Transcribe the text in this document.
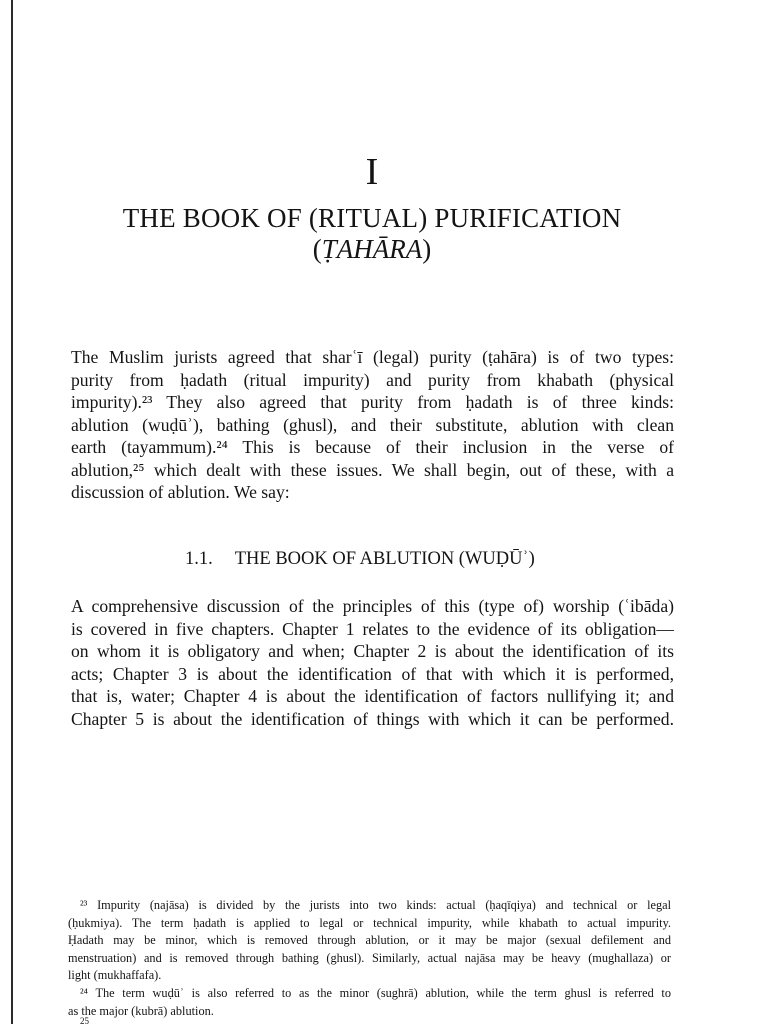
I
THE BOOK OF (RITUAL) PURIFICATION
(ṬAHĀRA)
The Muslim jurists agreed that sharʿī (legal) purity (ṭahāra) is of two types:
purity from ḥadath (ritual impurity) and purity from khabath (physical
impurity).²³ They also agreed that purity from ḥadath is of three kinds:
ablution (wuḍūʾ), bathing (ghusl), and their substitute, ablution with clean
earth (tayammum).²⁴ This is because of their inclusion in the verse of
ablution,²⁵ which dealt with these issues. We shall begin, out of these, with a
discussion of ablution. We say:
1.1. THE BOOK OF ABLUTION (WUḌŪʾ)
A comprehensive discussion of the principles of this (type of) worship (ʿibāda)
is covered in five chapters. Chapter 1 relates to the evidence of its obligation—
on whom it is obligatory and when; Chapter 2 is about the identification of its
acts; Chapter 3 is about the identification of that with which it is performed,
that is, water; Chapter 4 is about the identification of factors nullifying it; and
Chapter 5 is about the identification of things with which it can be performed.
²³ Impurity (najāsa) is divided by the jurists into two kinds: actual (ḥaqīqiya) and technical or legal
(ḥukmiya). The term ḥadath is applied to legal or technical impurity, while khabath to actual impurity.
Ḥadath may be minor, which is removed through ablution, or it may be major (sexual defilement and
menstruation) and is removed through bathing (ghusl). Similarly, actual najāsa may be heavy (mughallaza) or
light (mukhaffafa).
²⁴ The term wuḍūʾ is also referred to as the minor (sughrā) ablution, while the term ghusl is referred to
as the major (kubrā) ablution.
25
